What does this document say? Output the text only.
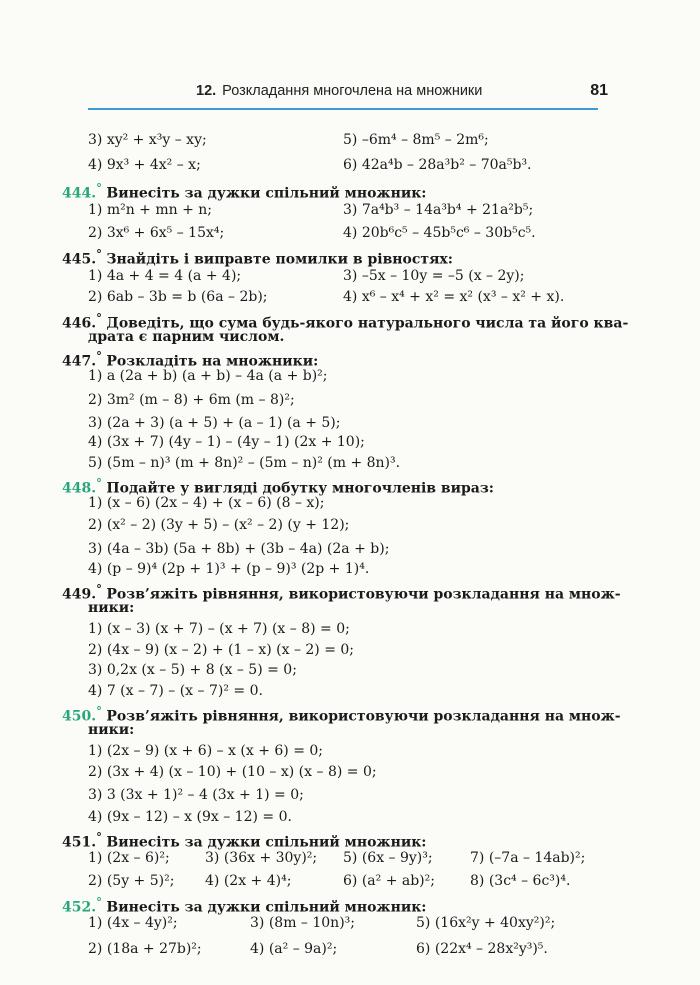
12. Розкладання многочлена на множники	81
3) xy² + x³y – xy;	5) –6m⁴ – 8m⁵ – 2m⁶;
4) 9x³ + 4x² – x;	6) 42a⁴b – 28a³b² – 70a⁵b³.
444.° Винесіть за дужки спільний множник:
1) m²n + mn + n;	3) 7a⁴b³ – 14a³b⁴ + 21a²b⁵;
2) 3x⁶ + 6x⁵ – 15x⁴;	4) 20b⁶c⁵ – 45b⁵c⁶ – 30b⁵c⁵.
445.° Знайдіть і виправте помилки в рівностях:
1) 4a + 4 = 4 (a + 4);	3) –5x – 10y = –5 (x – 2y);
2) 6ab – 3b = b (6a – 2b);	4) x⁶ – x⁴ + x² = x² (x³ – x² + x).
446.° Доведіть, що сума будь-якого натурального числа та його ква-
драта є парним числом.
447.° Розкладіть на множники:
1) a (2a + b) (a + b) – 4a (a + b)²;
2) 3m² (m – 8) + 6m (m – 8)²;
3) (2a + 3) (a + 5) + (a – 1) (a + 5);
4) (3x + 7) (4y – 1) – (4y – 1) (2x + 10);
5) (5m – n)³ (m + 8n)² – (5m – n)² (m + 8n)³.
448.° Подайте у вигляді добутку многочленів вираз:
1) (x – 6) (2x – 4) + (x – 6) (8 – x);
2) (x² – 2) (3y + 5) – (x² – 2) (y + 12);
3) (4a – 3b) (5a + 8b) + (3b – 4a) (2a + b);
4) (p – 9)⁴ (2p + 1)³ + (p – 9)³ (2p + 1)⁴.
449.° Розв’яжіть рівняння, використовуючи розкладання на множ-
ники:
1) (x – 3) (x + 7) – (x + 7) (x – 8) = 0;
2) (4x – 9) (x – 2) + (1 – x) (x – 2) = 0;
3) 0,2x (x – 5) + 8 (x – 5) = 0;
4) 7 (x – 7) – (x – 7)² = 0.
450.° Розв’яжіть рівняння, використовуючи розкладання на множ-
ники:
1) (2x – 9) (x + 6) – x (x + 6) = 0;
2) (3x + 4) (x – 10) + (10 – x) (x – 8) = 0;
3) 3 (3x + 1)² – 4 (3x + 1) = 0;
4) (9x – 12) – x (9x – 12) = 0.
451.° Винесіть за дужки спільний множник:
1) (2x – 6)²;	3) (36x + 30y)²; 5) (6x – 9y)³;	7) (–7a – 14ab)²;
2) (5y + 5)²; 4) (2x + 4)⁴;	6) (a² + ab)²;	8) (3c⁴ – 6c³)⁴.
452.° Винесіть за дужки спільний множник:
1) (4x – 4y)²;	3) (8m – 10n)³;	5) (16x²y + 40xy²)²;
2) (18a + 27b)²;	4) (a² – 9a)²;	6) (22x⁴ – 28x²y³)⁵.
